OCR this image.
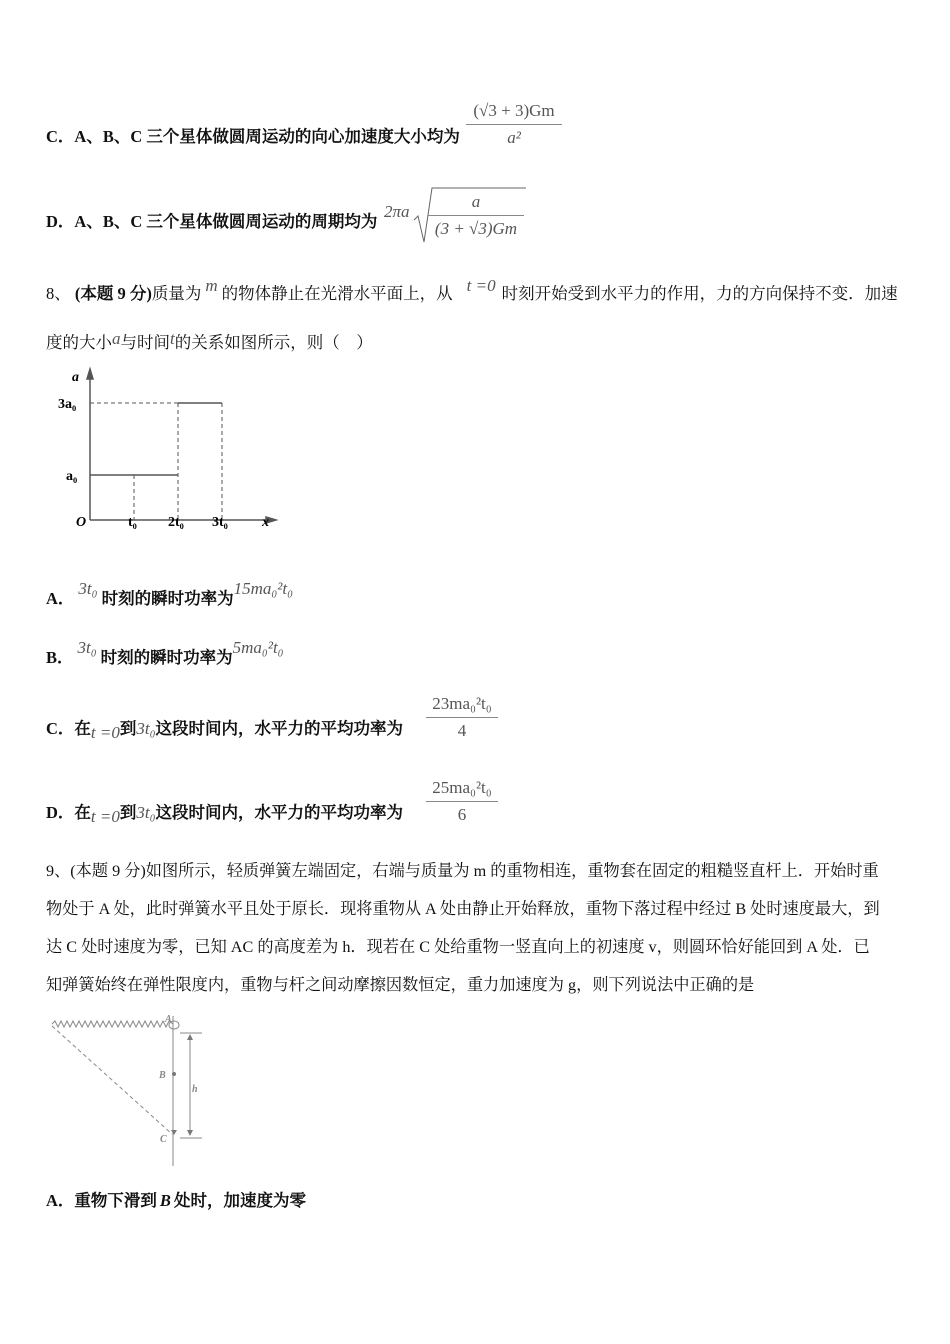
C．A、B、C 三个星体做圆周运动的向心加速度大小均为 $\frac{(√3 + 3)Gm}{\text{a²}}$
D．A、B、C 三个星体做圆周运动的周期均为
$2\pi a \frac{a}{(3 + √3)Gm}$
8、 (本题 9 分)质量为 m 的物体静止在光滑水平面上，从 t =0 时刻开始受到水平力的作用，力的方向保持不变．加速
度的大小a与时间t的关系如图所示，则（　）
a
3a₀
a₀
O	t₀ 2t₀ 3t₀ x
A．3t₀时刻的瞬时功率为15ma₀²t₀
B．3t₀时刻的瞬时功率为5ma₀²t₀
C．在t =0到3t₀这段时间内，水平力的平均功率为 $\frac{\text{23ma₀²t₀}}{4}$
D．在t =0到3t₀这段时间内，水平力的平均功率为 $\frac{\text{25ma₀²t₀}}{6}$
9、(本题 9 分)如图所示，轻质弹簧左端固定，右端与质量为 m 的重物相连，重物套在固定的粗糙竖直杆上．开始时重
物处于 A 处，此时弹簧水平且处于原长．现将重物从 A 处由静止开始释放，重物下落过程中经过 B 处时速度最大，到
达 C 处时速度为零，已知 AC 的高度差为 h．现若在 C 处给重物一竖直向上的初速度 v，则圆环恰好能回到 A 处．已
知弹簧始终在弹性限度内，重物与杆之间动摩擦因数恒定，重力加速度为 g，则下列说法中正确的是
A
B
C
h
A．重物下滑到 B 处时，加速度为零
